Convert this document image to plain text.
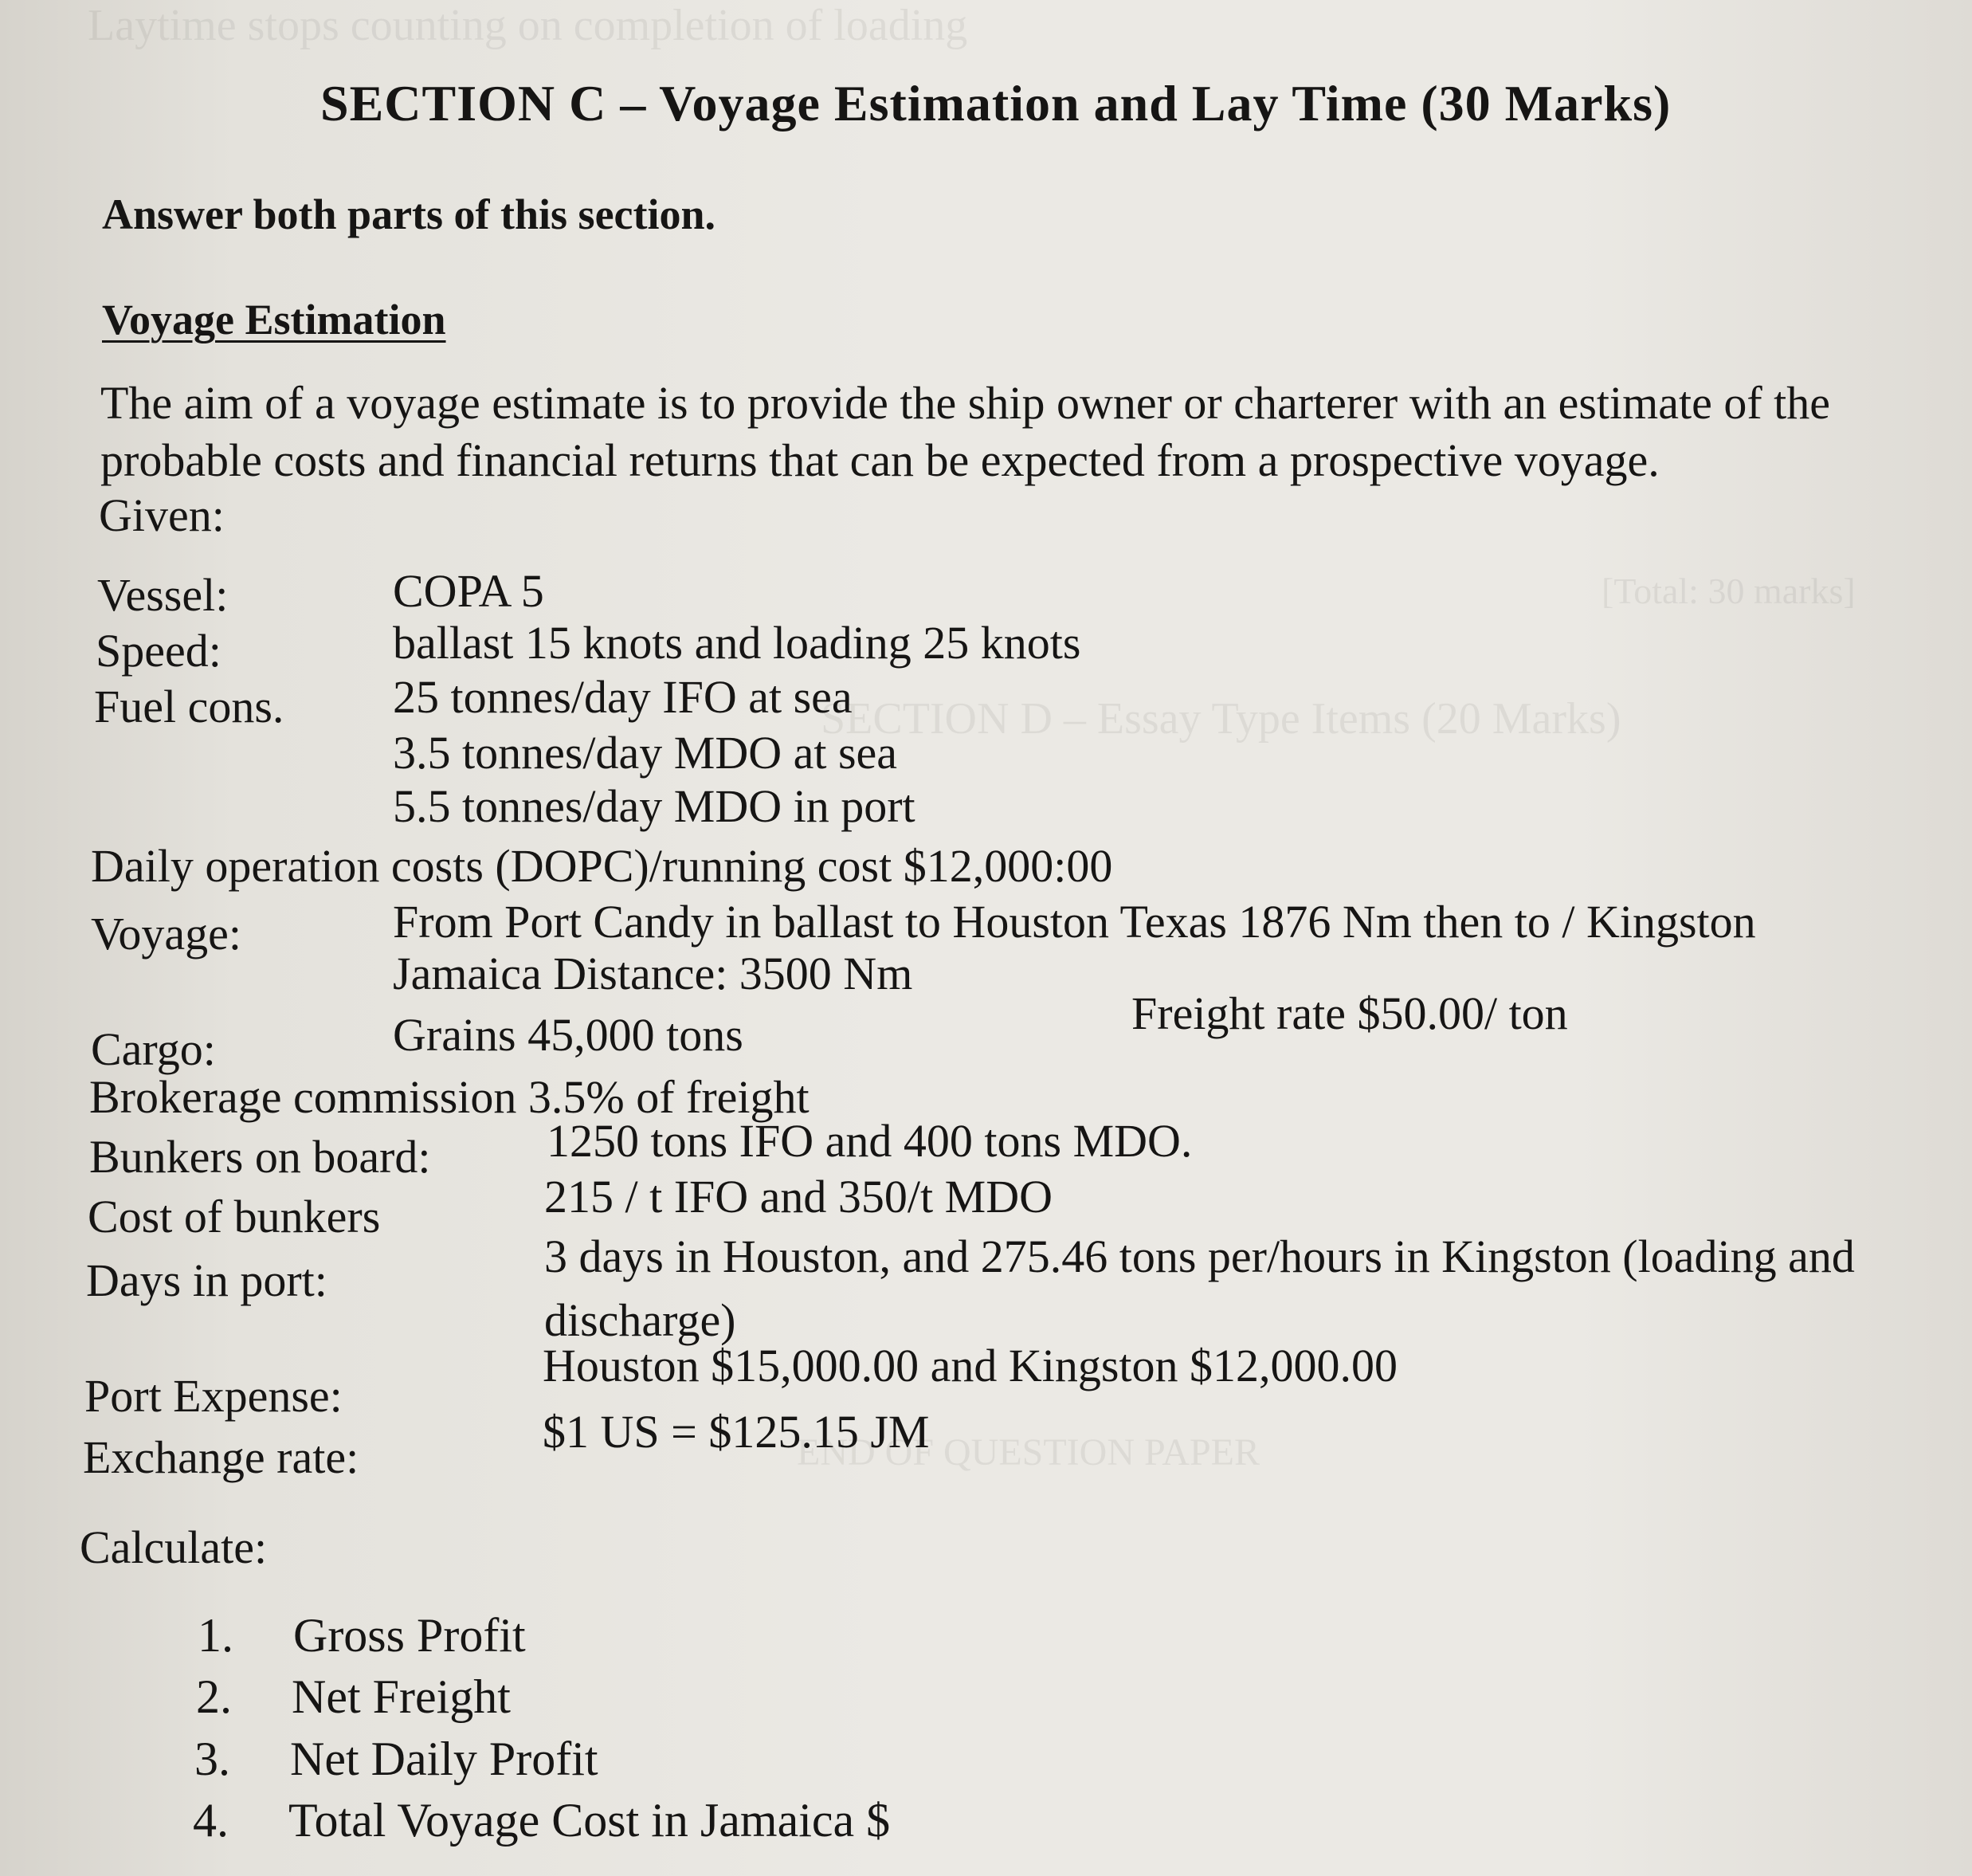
Laytime stops counting on completion of loading
[Total: 30 marks]
SECTION D – Essay Type Items (20 Marks)
END OF QUESTION PAPER
SECTION C – Voyage Estimation and Lay Time (30 Marks)
Answer both parts of this section.
Voyage Estimation
The aim of a voyage estimate is to provide the ship owner or charterer with an estimate of the probable costs and financial returns that can be expected from a prospective voyage.
Given:
Vessel:	COPA 5
Speed:	ballast 15 knots and loading 25 knots
Fuel cons. 25 tonnes/day IFO at sea
3.5 tonnes/day MDO at sea
5.5 tonnes/day MDO in port
Daily operation costs (DOPC)/running cost $12,000:00
Voyage:	From Port Candy in ballast to Houston Texas 1876 Nm then to / Kingston
Jamaica Distance: 3500 Nm
Cargo:	Grains 45,000 tons	Freight rate $50.00/ ton
Brokerage commission 3.5% of freight
Bunkers on board:	1250 tons IFO and 400 tons MDO.
Cost of bunkers	215 / t IFO and 350/t MDO
Days in port:	3 days in Houston, and 275.46 tons per/hours in Kingston (loading and
discharge)
Port Expense:
Houston $15,000.00 and Kingston $12,000.00
Exchange rate:	$1 US = $125.15 JM
Calculate:
1. Gross Profit
2. Net Freight
3. Net Daily Profit
4. Total Voyage Cost in Jamaica $
